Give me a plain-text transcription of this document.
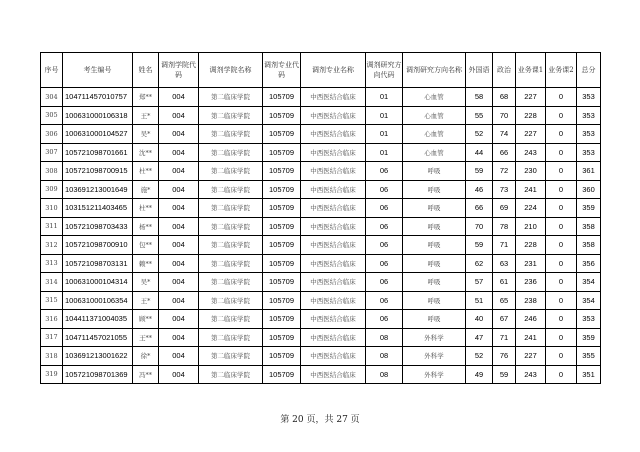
序号	考生编号	姓名	调剂学院代码	调剂学院名称	调剂专业代码	调剂专业名称	调剂研究方向代码	调剂研究方向名称	外国语	政治	业务课1	业务课2	总分
304	104711457010757	郑**	004	第二临床学院	105709	中西医结合临床	01	心血管	58	68	227	0	353
305	100631000106318	王*	004	第二临床学院	105709	中西医结合临床	01	心血管	55	70	228	0	353
306	100631000104527	吴*	004	第二临床学院	105709	中西医结合临床	01	心血管	52	74	227	0	353
307	105721098701661	沈**	004	第二临床学院	105709	中西医结合临床	01	心血管	44	66	243	0	353
308	105721098700915	杜**	004	第二临床学院	105709	中西医结合临床	06	呼吸	59	72	230	0	361
309	103691213001649	施*	004	第二临床学院	105709	中西医结合临床	06	呼吸	46	73	241	0	360
310	103151211403465	杜**	004	第二临床学院	105709	中西医结合临床	06	呼吸	66	69	224	0	359
311	105721098703433	杨**	004	第二临床学院	105709	中西医结合临床	06	呼吸	70	78	210	0	358
312	105721098700910	包**	004	第二临床学院	105709	中西医结合临床	06	呼吸	59	71	228	0	358
313	105721098703131	赖**	004	第二临床学院	105709	中西医结合临床	06	呼吸	62	63	231	0	356
314	100631000104314	吴*	004	第二临床学院	105709	中西医结合临床	06	呼吸	57	61	236	0	354
315	100631000106354	王*	004	第二临床学院	105709	中西医结合临床	06	呼吸	51	65	238	0	354
316	104411371004035	顾**	004	第二临床学院	105709	中西医结合临床	06	呼吸	40	67	246	0	353
317	104711457021055	王**	004	第二临床学院	105709	中西医结合临床	08	外科学	47	71	241	0	359
318	103691213001622	徐*	004	第二临床学院	105709	中西医结合临床	08	外科学	52	76	227	0	355
319	105721098701369	冯**	004	第二临床学院	105709	中西医结合临床	08	外科学	49	59	243	0	351
第 20 页，共 27 页
